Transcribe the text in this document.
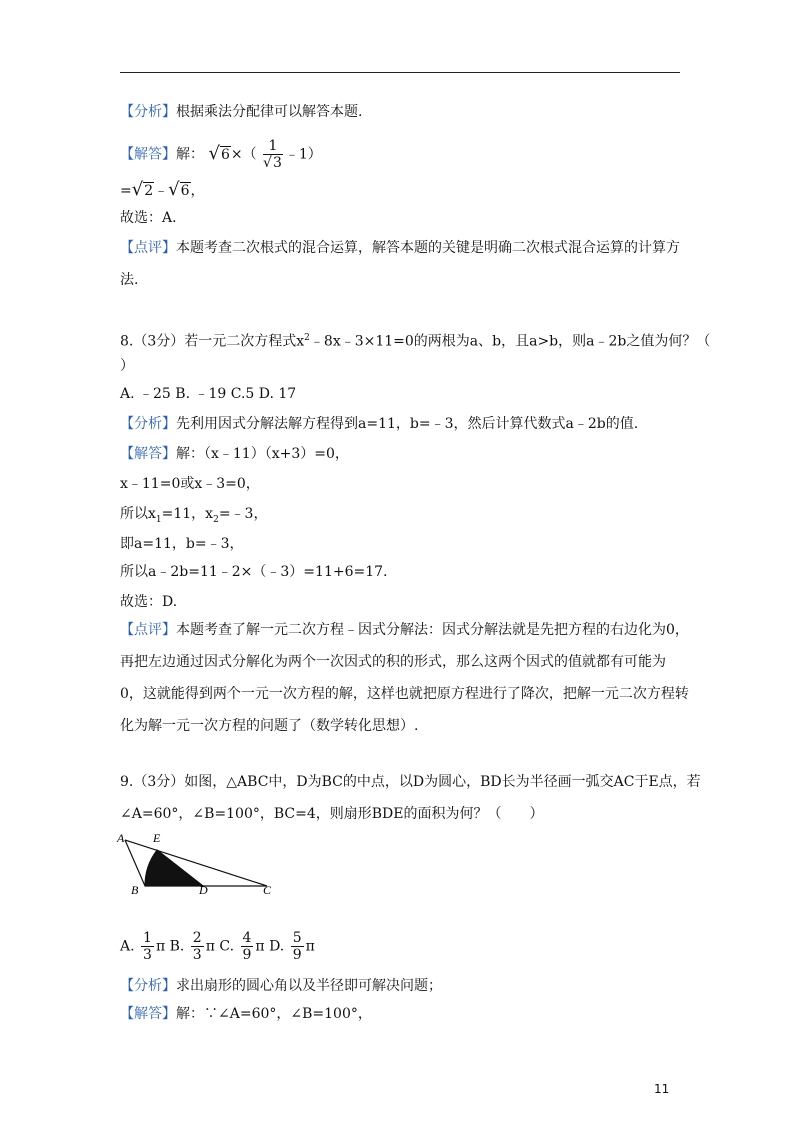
【分析】根据乘法分配律可以解答本题.
【解答】解： $√6\times( \frac{1}{√3}$ ﹣1）
=√2﹣√6，
故选：A.
【点评】本题考查二次根式的混合运算，解答本题的关键是明确二次根式混合运算的计算方
法.
8.（3分）若一元二次方程式$x^2﹣8x﹣3\times 11=0$的两根为a、b，且a>b，则a﹣2b之值为何？（
）
A. ﹣25 B. ﹣19 C.5 D. 17
【分析】先利用因式分解法解方程得到a=11，b=﹣3，然后计算代数式a﹣2b的值.
【解答】解：（x﹣11）（x+3）=0，
x﹣11=0或x﹣3=0，
所以$x_1=11$，$x_2=﹣3$，
即a=11，b=﹣3，
所以a﹣2b=11﹣2×（﹣3）=11+6=17.
故选：D.
【点评】本题考查了解一元二次方程﹣因式分解法：因式分解法就是先把方程的右边化为0，
再把左边通过因式分解化为两个一次因式的积的形式，那么这两个因式的值就都有可能为
0，这就能得到两个一元一次方程的解，这样也就把原方程进行了降次，把解一元二次方程转
化为解一元一次方程的问题了（数学转化思想）.
9.（3分）如图，△ABC中，D为BC的中点，以D为圆心，BD长为半径画一弧交AC于E点，若
∠A=60°，∠B=100°，BC=4，则扇形BDE的面积为何？（　　）
A E
B	D	C
A. $\frac{1}{3}$ π B. $\frac{2}{3}$ π C. $\frac{4}{9}$ π D. $\frac{5}{9}$ π
【分析】求出扇形的圆心角以及半径即可解决问题；
【解答】解：∵∠A=60°，∠B=100°，
11
